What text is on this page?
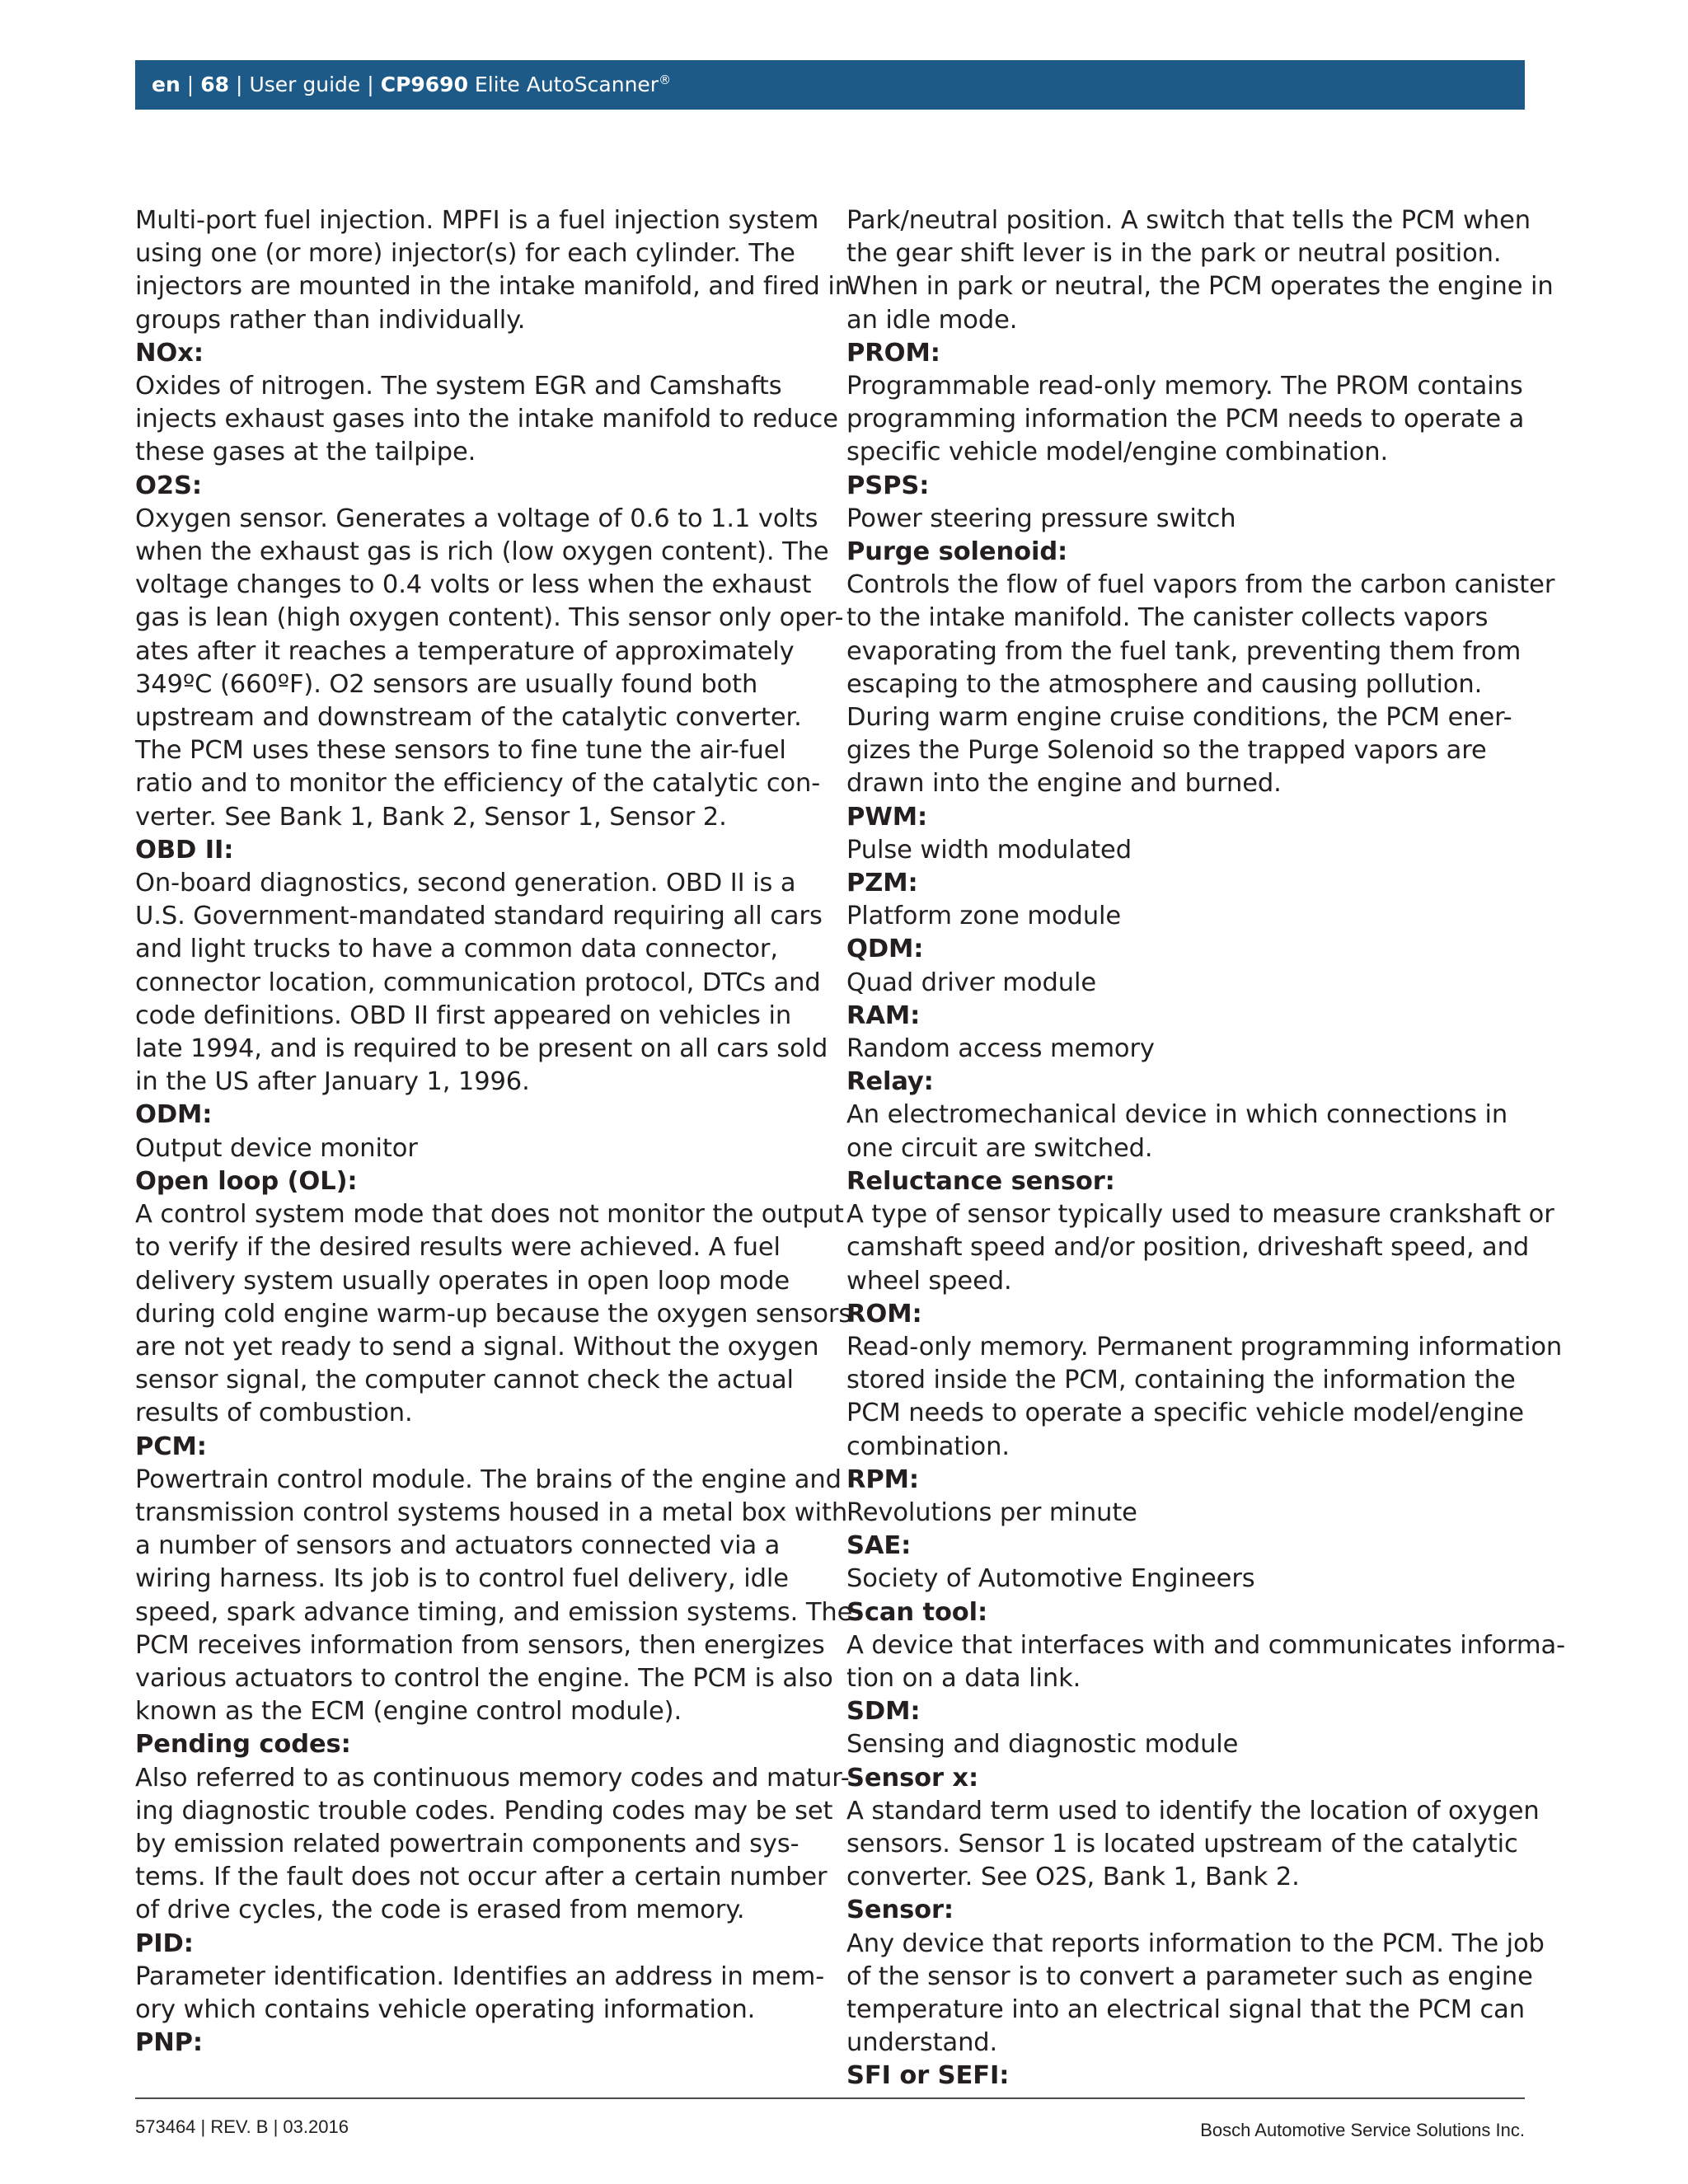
en | 68 | User guide | CP9690 Elite AutoScanner®

Multi-port fuel injection. MPFI is a fuel injection system

using one (or more) injector(s) for each cylinder. The

injectors are mounted in the intake manifold, and fired in

groups rather than individually.

NOx:

Oxides of nitrogen. The system EGR and Camshafts

injects exhaust gases into the intake manifold to reduce

these gases at the tailpipe.

O2S:

Oxygen sensor. Generates a voltage of 0.6 to 1.1 volts

when the exhaust gas is rich (low oxygen content). The

voltage changes to 0.4 volts or less when the exhaust

gas is lean (high oxygen content). This sensor only oper-

ates after it reaches a temperature of approximately

349ºC (660ºF). O2 sensors are usually found both

upstream and downstream of the catalytic converter.

The PCM uses these sensors to fine tune the air-fuel

ratio and to monitor the efficiency of the catalytic con-

verter. See Bank 1, Bank 2, Sensor 1, Sensor 2.

OBD II:

On-board diagnostics, second generation. OBD II is a

U.S. Government-mandated standard requiring all cars

and light trucks to have a common data connector,

connector location, communication protocol, DTCs and

code definitions. OBD II first appeared on vehicles in

late 1994, and is required to be present on all cars sold

in the US after January 1, 1996.

ODM:

Output device monitor

Open loop (OL):

A control system mode that does not monitor the output

to verify if the desired results were achieved. A fuel

delivery system usually operates in open loop mode

during cold engine warm-up because the oxygen sensors

are not yet ready to send a signal. Without the oxygen

sensor signal, the computer cannot check the actual

results of combustion.

PCM:

Powertrain control module. The brains of the engine and

transmission control systems housed in a metal box with

a number of sensors and actuators connected via a

wiring harness. Its job is to control fuel delivery, idle

speed, spark advance timing, and emission systems. The

PCM receives information from sensors, then energizes

various actuators to control the engine. The PCM is also

known as the ECM (engine control module).

Pending codes:

Also referred to as continuous memory codes and matur-

ing diagnostic trouble codes. Pending codes may be set

by emission related powertrain components and sys-

tems. If the fault does not occur after a certain number

of drive cycles, the code is erased from memory.

PID:

Parameter identification. Identifies an address in mem-

ory which contains vehicle operating information.

PNP:

Park/neutral position. A switch that tells the PCM when

the gear shift lever is in the park or neutral position.

When in park or neutral, the PCM operates the engine in

an idle mode.

PROM:

Programmable read-only memory. The PROM contains

programming information the PCM needs to operate a

specific vehicle model/engine combination.

PSPS:

Power steering pressure switch

Purge solenoid:

Controls the flow of fuel vapors from the carbon canister

to the intake manifold. The canister collects vapors

evaporating from the fuel tank, preventing them from

escaping to the atmosphere and causing pollution.

During warm engine cruise conditions, the PCM ener-

gizes the Purge Solenoid so the trapped vapors are

drawn into the engine and burned.

PWM:

Pulse width modulated

PZM:

Platform zone module

QDM:

Quad driver module

RAM:

Random access memory

Relay:

An electromechanical device in which connections in

one circuit are switched.

Reluctance sensor:

A type of sensor typically used to measure crankshaft or

camshaft speed and/or position, driveshaft speed, and

wheel speed.

ROM:

Read-only memory. Permanent programming information

stored inside the PCM, containing the information the

PCM needs to operate a specific vehicle model/engine

combination.

RPM:

Revolutions per minute

SAE:

Society of Automotive Engineers

Scan tool:

A device that interfaces with and communicates informa-

tion on a data link.

SDM:

Sensing and diagnostic module

Sensor x:

A standard term used to identify the location of oxygen

sensors. Sensor 1 is located upstream of the catalytic

converter. See O2S, Bank 1, Bank 2.

Sensor:

Any device that reports information to the PCM. The job

of the sensor is to convert a parameter such as engine

temperature into an electrical signal that the PCM can

understand.

SFI or SEFI:

573464 | REV. B | 03.2016	Bosch Automotive Service Solutions Inc.
